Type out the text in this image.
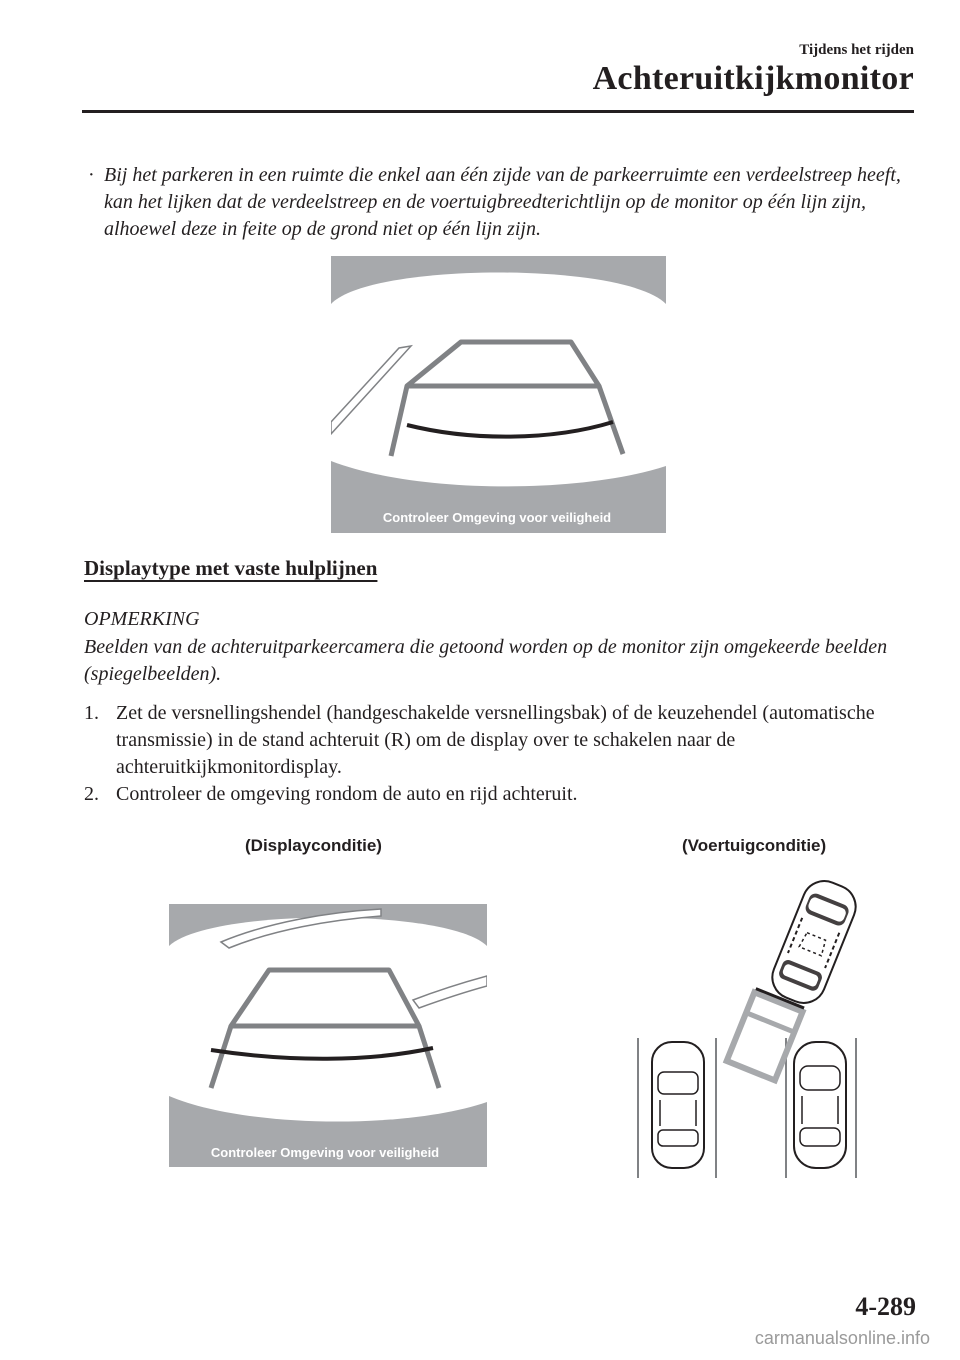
Tijdens het rijden
Achteruitkijkmonitor
· Bij het parkeren in een ruimte die enkel aan één zijde van de parkeerruimte een verdeelstreep heeft, kan het lijken dat de verdeelstreep en de voertuigbreedterichtlijn op de monitor op één lijn zijn, alhoewel deze in feite op de grond niet op één lijn zijn.
Controleer Omgeving voor veiligheid
Displaytype met vaste hulplijnen
OPMERKING
Beelden van de achteruitparkeercamera die getoond worden op de monitor zijn omgekeerde beelden (spiegelbeelden).
1. Zet de versnellingshendel (handgeschakelde versnellingsbak) of de keuzehendel (automatische transmissie) in de stand achteruit (R) om de display over te schakelen naar de achteruitkijkmonitordisplay.
2. Controleer de omgeving rondom de auto en rijd achteruit.
(Displayconditie)	(Voertuigconditie)
Controleer Omgeving voor veiligheid
4-289
carmanualsonline.info
